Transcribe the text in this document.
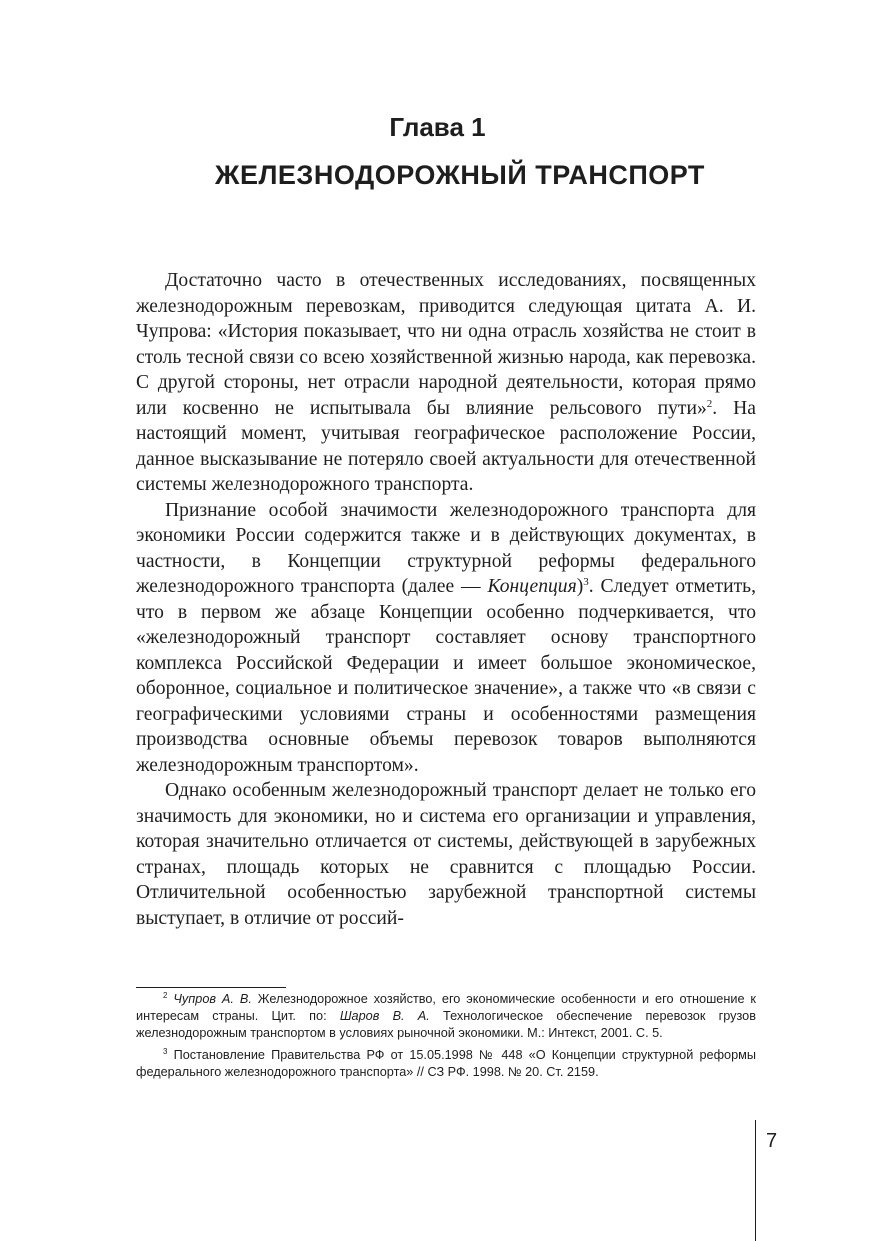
Глава 1
ЖЕЛЕЗНОДОРОЖНЫЙ ТРАНСПОРТ

Достаточно часто в отечественных исследованиях, посвященных железнодорожным перевозкам, приводится следующая цитата А. И. Чупрова: «История показывает, что ни одна отрасль хозяйства не стоит в столь тесной связи со всею хозяйственной жизнью народа, как перевозка. С другой стороны, нет отрасли народной деятельности, которая прямо или косвенно не испытывала бы влияние рельсового пути»$^2$. На настоящий момент, учитывая географическое расположение России, данное высказывание не потеряло своей актуальности для отечественной системы железнодорожного транспорта.

Признание особой значимости железнодорожного транспорта для экономики России содержится также и в действующих документах, в частности, в Концепции структурной реформы федерального железнодорожного транспорта (далее — Концепция)$^3$. Следует отметить, что в первом же абзаце Концепции особенно подчеркивается, что «железнодорожный транспорт составляет основу транспортного комплекса Российской Федерации и имеет большое экономическое, оборонное, социальное и политическое значение», а также что «в связи с географическими условиями страны и особенностями размещения производства основные объемы перевозок товаров выполняются железнодорожным транспортом».

Однако особенным железнодорожный транспорт делает не только его значимость для экономики, но и система его организации и управления, которая значительно отличается от системы, действующей в зарубежных странах, площадь которых не сравнится с площадью России. Отличительной особенностью зарубежной транспортной системы выступает, в отличие от россий-

$^2$ Чупров А. В. Железнодорожное хозяйство, его экономические особенности и его отношение к интересам страны. Цит. по: Шаров В. А. Технологическое обеспечение перевозок грузов железнодорожным транспортом в условиях рыночной экономики. М.: Интекст, 2001. С. 5.

$^3$ Постановление Правительства РФ от 15.05.1998 № 448 «О Концепции структурной реформы федерального железнодорожного транспорта» // СЗ РФ. 1998. № 20. Ст. 2159.

7
